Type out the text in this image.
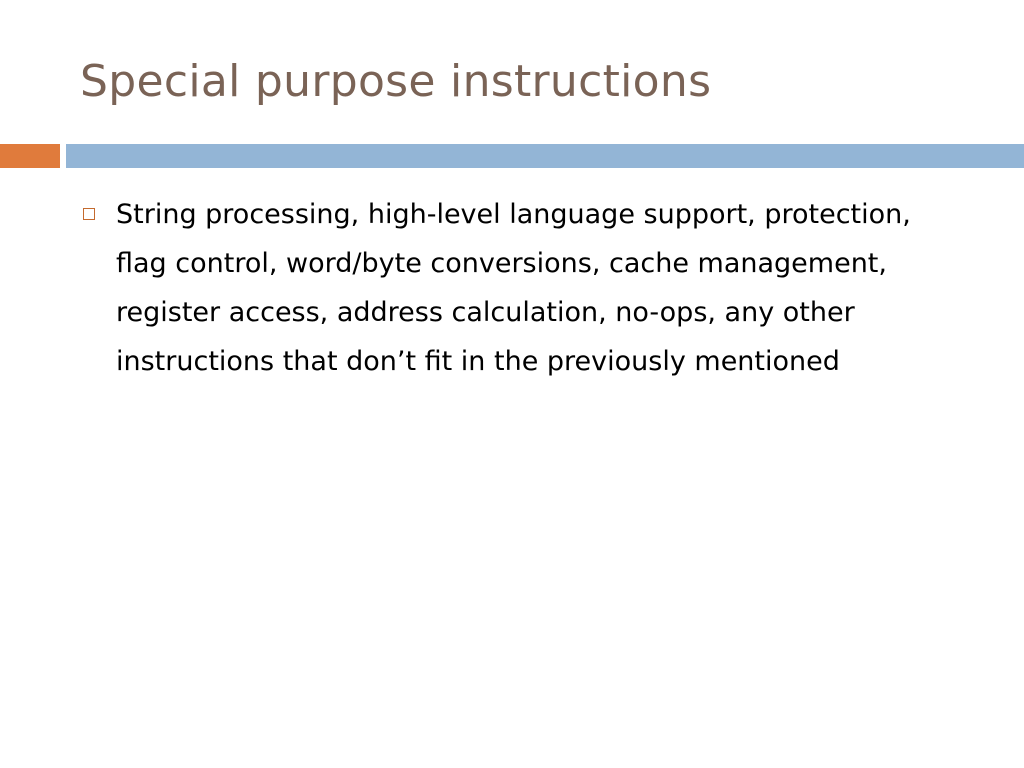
Special purpose instructions
String processing, high-level language support, protection, flag control, word/byte conversions, cache management, register access, address calculation, no-ops, any other instructions that don’t fit in the previously mentioned
